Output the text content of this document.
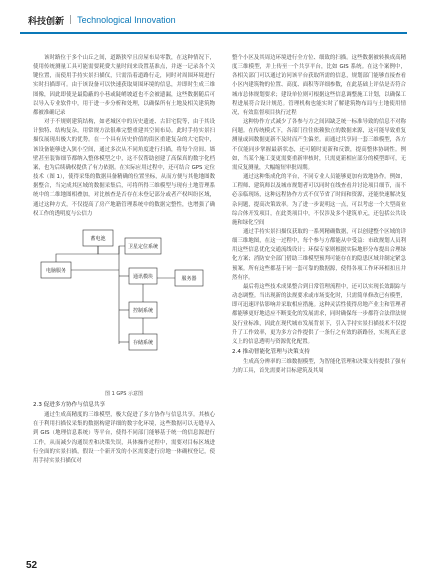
科技创新 | Technological Innovation

该时路位于多个山丘之间，道路狭窄且房屋布局零散，在这种情况下，使用传统测量工具可能需要耗费大量时间来设置基准点，并逐一记录各个关键位置，而使用手持实景扫描仪，只需沿着道路行走，同时对周围环境进行实时扫描即可。由于该设备可以快速获取周围环境的信息，并即时生成三维图像，因此即使是最隐蔽的小巷或陡峭坡道也不会被遗漏，这些数据随后可以导入专业软件中，用于进一步分析和处理，以确保所有土地及相关建筑物都被准确记录

对于不规则建筑结构，如老城区中的历史遗迹、古旧宅院等，由于其设计独特、结构复杂，用常规方法很难完整重建其空间布局。此时手持实景扫描仪展现出极大的优势。在一个具有历史价值的街区重建复杂的大宅院中，该设备能够进入狭小空间，通过多次从不同角度进行扫描，将每个房间、墙壁甚至装饰细节都纳入整体模型之中，这不仅帮助创建了高保真的数字化档案，也为后续确权提供了有力依据。在实际应用过程中，还可结合 GPS 定位技术（图 1），使得采集的数据具备精确的位置坐标，从而方便与其他地图数据整合，当完成其区域的数据采集后，可将所得三维模型与现有土地管理系统中的二维地图相叠加，对比核查是否存在未登记部分或者产权纠纷区域，通过这种方式，不仅提高了房产地籍管理系统中的数据完整性，也增强了确权工作的透明度与公信力

蓄电池
电脑服务
卫星定位系统
通讯模块	服务器
控制系统
存储系统
图 1 GPS 示意图

2.3 促进多方协作与信息共享

通过生成高精度的三维模型，极大促进了多方协作与信息共享。其核心在于利用扫描仪采集的数据构建详细的数字化环境，这些数据可以无缝导入到 GIS（地理信息系统）等平台，使得不同部门能够基于统一的信息源进行工作，从而减少沟通误差和决策失误，具体操作过程中，需要对目标区域进行全面的实景扫描，假设一个新开发的小区需要进行房地一体确权登记，使用手持实景扫描仪对

整个小区及其周边环境进行全方位、细致的扫描。这些数据被转换成高精度三维模型，并上传至一个共享平台，比如 GIS 系统。在这个案例中，各相关部门可以通过访问该平台获取所需的信息，规划部门能够直接查看小区内建筑物的位置、高度、面积等详细参数，在此基础上评估是否符合城市总体规划要求；建设单位则可根据这些信息调整施工计划，以确保工程进展符合设计规范。管理机构也能实时了解建筑物布局与土地使用情况，有效监督项目执行过程

这种协作方式减少了各参与方之间因缺乏统一标准导致的信息不对称问题。在传统模式下，各部门往往依赖独立的数据来源，这可能导致重复测量或因数据更新不及时而产生偏差。而通过共享同一套三维模型，各方不仅能同步掌握最新状态，还可随时更新和反馈，提高整体协调性。例如，当某个施工变更需要重新审核时，只需更新相应部分的模型即可，无需反复测量，大幅缩短审批周期。

通过这种集成化的平台，不同专业人员能够更加有效地协作。例如，工程师、建筑师以及城市规划者可以同时在线查看并讨论项目细节，而不必亲临现场，这种远程协作方式不仅节省了时间和资源，还能快速解决复杂问题，提高决策效率。为了进一步说明这一点，可以考虑一个大型商业综合体开发项目，在此类项目中，不仅涉及多个建筑单元，还包括公共设施和绿化空间

通过手持实景扫描仪获取的一系列精确数据，可以创建整个区域的详细三维地图，在这一过程中，每个参与方都能从中受益：市政规划人员利用这些信息优化交通流线设计；环保专家则根据实际地形分布提出合理绿化方案；消防安全部门借助三维模型预判可能存在的隐患区域并制定紧急预案。所有这些都基于同一套可靠的数据源，使得各项工作环环相扣且井然有序。

最后将这些技术成果整合到日常管理流程中，还可以实现长效跟踪与动态调整。当出现新的法规要求或市场变化时，只需简单修改已有模型，即可迅速评估影响并采取相应措施。这种灵活性使得房地产业主和管理者都能够更好地适应不断变化的发展需求，同时确保每一步都符合法律法规及行业标准，因此在现代城市发展背景下，引入手持实景扫描技术不仅提升了工作效率，更为多方合作提供了一条行之有效的新路径，实现真正意义上的信息透明与资源优化配置。

2.4 推动智能化管理与决策支持

生成高分辨率的三维数据模型，为智能化管理和决策支持提供了强有力的工具，首先需要对目标建筑及其周

52
